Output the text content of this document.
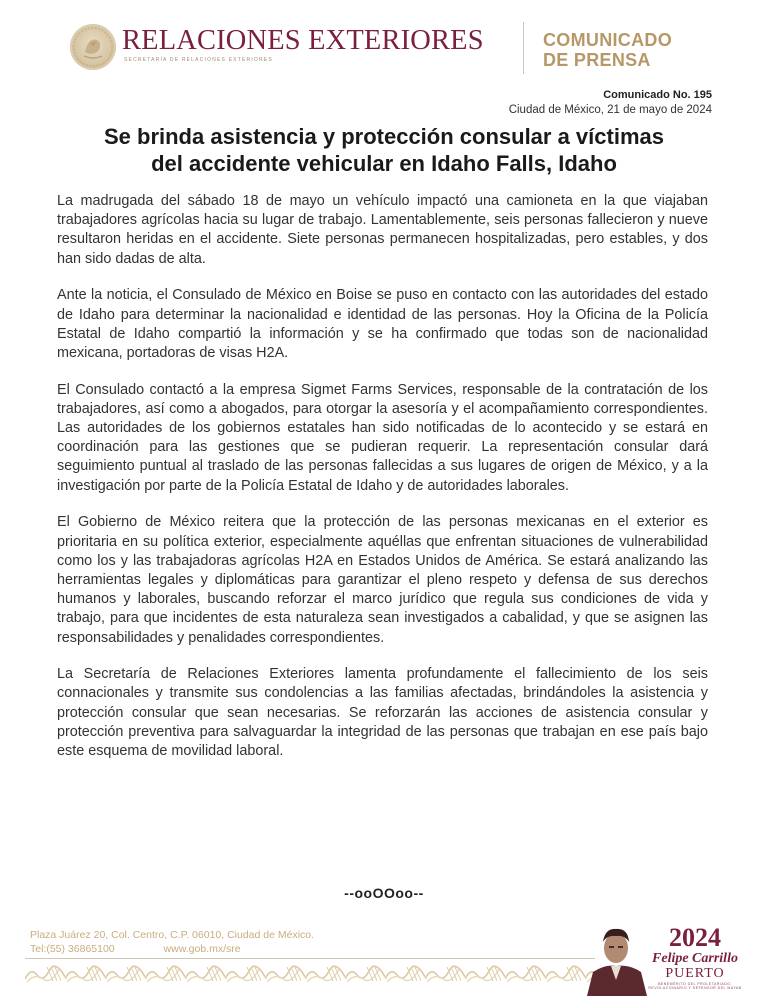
RELACIONES EXTERIORES
SECRETARÍA DE RELACIONES EXTERIORES
COMUNICADO
DE PRENSA
Comunicado No. 195
Ciudad de México, 21 de mayo de 2024
Se brinda asistencia y protección consular a víctimas
del accidente vehicular en Idaho Falls, Idaho

La madrugada del sábado 18 de mayo un vehículo impactó una camioneta en la que viajaban trabajadores agrícolas hacia su lugar de trabajo. Lamentablemente, seis personas fallecieron y nueve resultaron heridas en el accidente. Siete personas permanecen hospitalizadas, pero estables, y dos han sido dadas de alta.

Ante la noticia, el Consulado de México en Boise se puso en contacto con las autoridades del estado de Idaho para determinar la nacionalidad e identidad de las personas. Hoy la Oficina de la Policía Estatal de Idaho compartió la información y se ha confirmado que todas son de nacionalidad mexicana, portadoras de visas H2A.

El Consulado contactó a la empresa Sigmet Farms Services, responsable de la contratación de los trabajadores, así como a abogados, para otorgar la asesoría y el acompañamiento correspondientes. Las autoridades de los gobiernos estatales han sido notificadas de lo acontecido y se estará en coordinación para las gestiones que se pudieran requerir. La representación consular dará seguimiento puntual al traslado de las personas fallecidas a sus lugares de origen de México, y a la investigación por parte de la Policía Estatal de Idaho y de autoridades laborales.

El Gobierno de México reitera que la protección de las personas mexicanas en el exterior es prioritaria en su política exterior, especialmente aquéllas que enfrentan situaciones de vulnerabilidad como los y las trabajadoras agrícolas H2A en Estados Unidos de América. Se estará analizando las herramientas legales y diplomáticas para garantizar el pleno respeto y defensa de sus derechos humanos y laborales, buscando reforzar el marco jurídico que regula sus condiciones de vida y trabajo, para que incidentes de esta naturaleza sean investigados a cabalidad, y que se asignen las responsabilidades y penalidades correspondientes.

La Secretaría de Relaciones Exteriores lamenta profundamente el fallecimiento de los seis connacionales y transmite sus condolencias a las familias afectadas, brindándoles la asistencia y protección consular que sean necesarias. Se reforzarán las acciones de asistencia consular y protección preventiva para salvaguardar la integridad de las personas que trabajan en ese país bajo este esquema de movilidad laboral.

--ooOOoo--
Plaza Juárez 20, Col. Centro, C.P. 06010, Ciudad de México.
Tel:(55) 36865100	www.gob.mx/sre	2024
Felipe Carrillo
PUERTO
BENEMÉRITO DEL PROLETARIADO, REVOLUCIONARIO Y DEFENSOR DEL MAYAB
